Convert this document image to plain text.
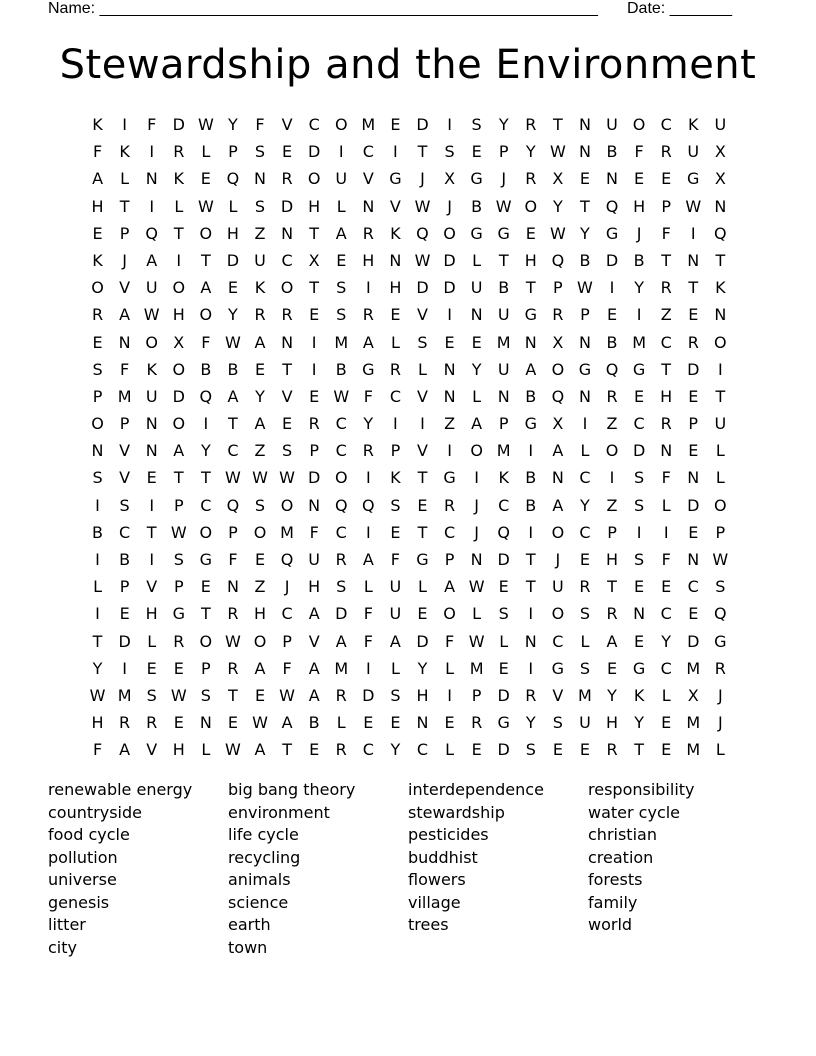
Name: ________________________________________________________ Date: _______
Stewardship and the Environment
K	I	F	D W Y	F	V	C O M E D	I	S	Y	R	T	N U O C	K U
F	K	I	R	L	P	S	E D	I	C	I	T	S	E	P	Y W N B	F	R U X
A	L	N K	E Q N R O U V G	J	X G	J	R	X	E	N	E	E G X
H	T	I	L W L	S D H	L	N V W	J	B W O Y	T Q H	P W N
E	P Q T O H Z N	T	A	R	K Q O G G E W Y G	J	F	I	Q
K	J	A	I	T	D U C	X	E	H N W D	L	T	H Q B D B	T	N	T
O V U O A	E	K O T	S	I	H D D U B	T	P W	I	Y	R	T	K
R	A W H O Y	R R	E	S	R	E	V	I	N U G R	P	E	I	Z	E	N
E	N O X	F W A N	I	M A	L	S	E	E M N X N B M C R O
S	F	K O B	B	E	T	I	B G R	L	N	Y	U A O G Q G T	D	I
P M U D Q A	Y	V	E W F	C	V N	L	N B Q N R	E	H	E	T
O P	N O	I	T	A	E	R C	Y	I	I	Z	A	P	G X	I	Z	C R	P	U
N V N A	Y	C	Z	S	P	C R	P	V	I	O M	I	A	L	O D N	E	L
S	V	E	T	T W W W D O	I	K	T G	I	K	B N C	I	S	F	N	L
I	S	I	P	C Q S O N Q Q S	E	R	J	C	B	A	Y	Z	S	L	D O
B	C	T W O P O M F	C	I	E	T	C	J	Q	I	O C	P	I	I	E	P
I	B	I	S G	F	E Q U R	A	F	G	P	N D	T	J	E	H S	F	N W
L	P	V	P	E	N Z	J	H S	L	U	L	A W E	T	U R	T	E	E	C	S
I	E	H G T	R H C	A D	F	U	E O	L	S	I	O S	R N C	E Q
T	D	L	R O W O P	V	A	F	A D	F W L	N C	L	A	E	Y	D G
Y	I	E	E	P	R	A	F	A M	I	L	Y	L M E	I	G S	E G C M R
W M S W S	T	E W A	R D S H	I	P	D R	V M Y	K	L	X	J
H R R	E	N	E W A	B	L	E	E	N	E	R G Y	S	U H	Y	E M	J
F	A	V H	L W A	T	E	R C	Y	C	L	E D S	E	E	R	T	E M L
renewable energy
countryside
food cycle
pollution
universe
genesis
litter
city
big bang theory
environment
life cycle
recycling
animals
science
earth
town
interdependence
stewardship
pesticides
buddhist
flowers
village
trees
responsibility
water cycle
christian
creation
forests
family
world
